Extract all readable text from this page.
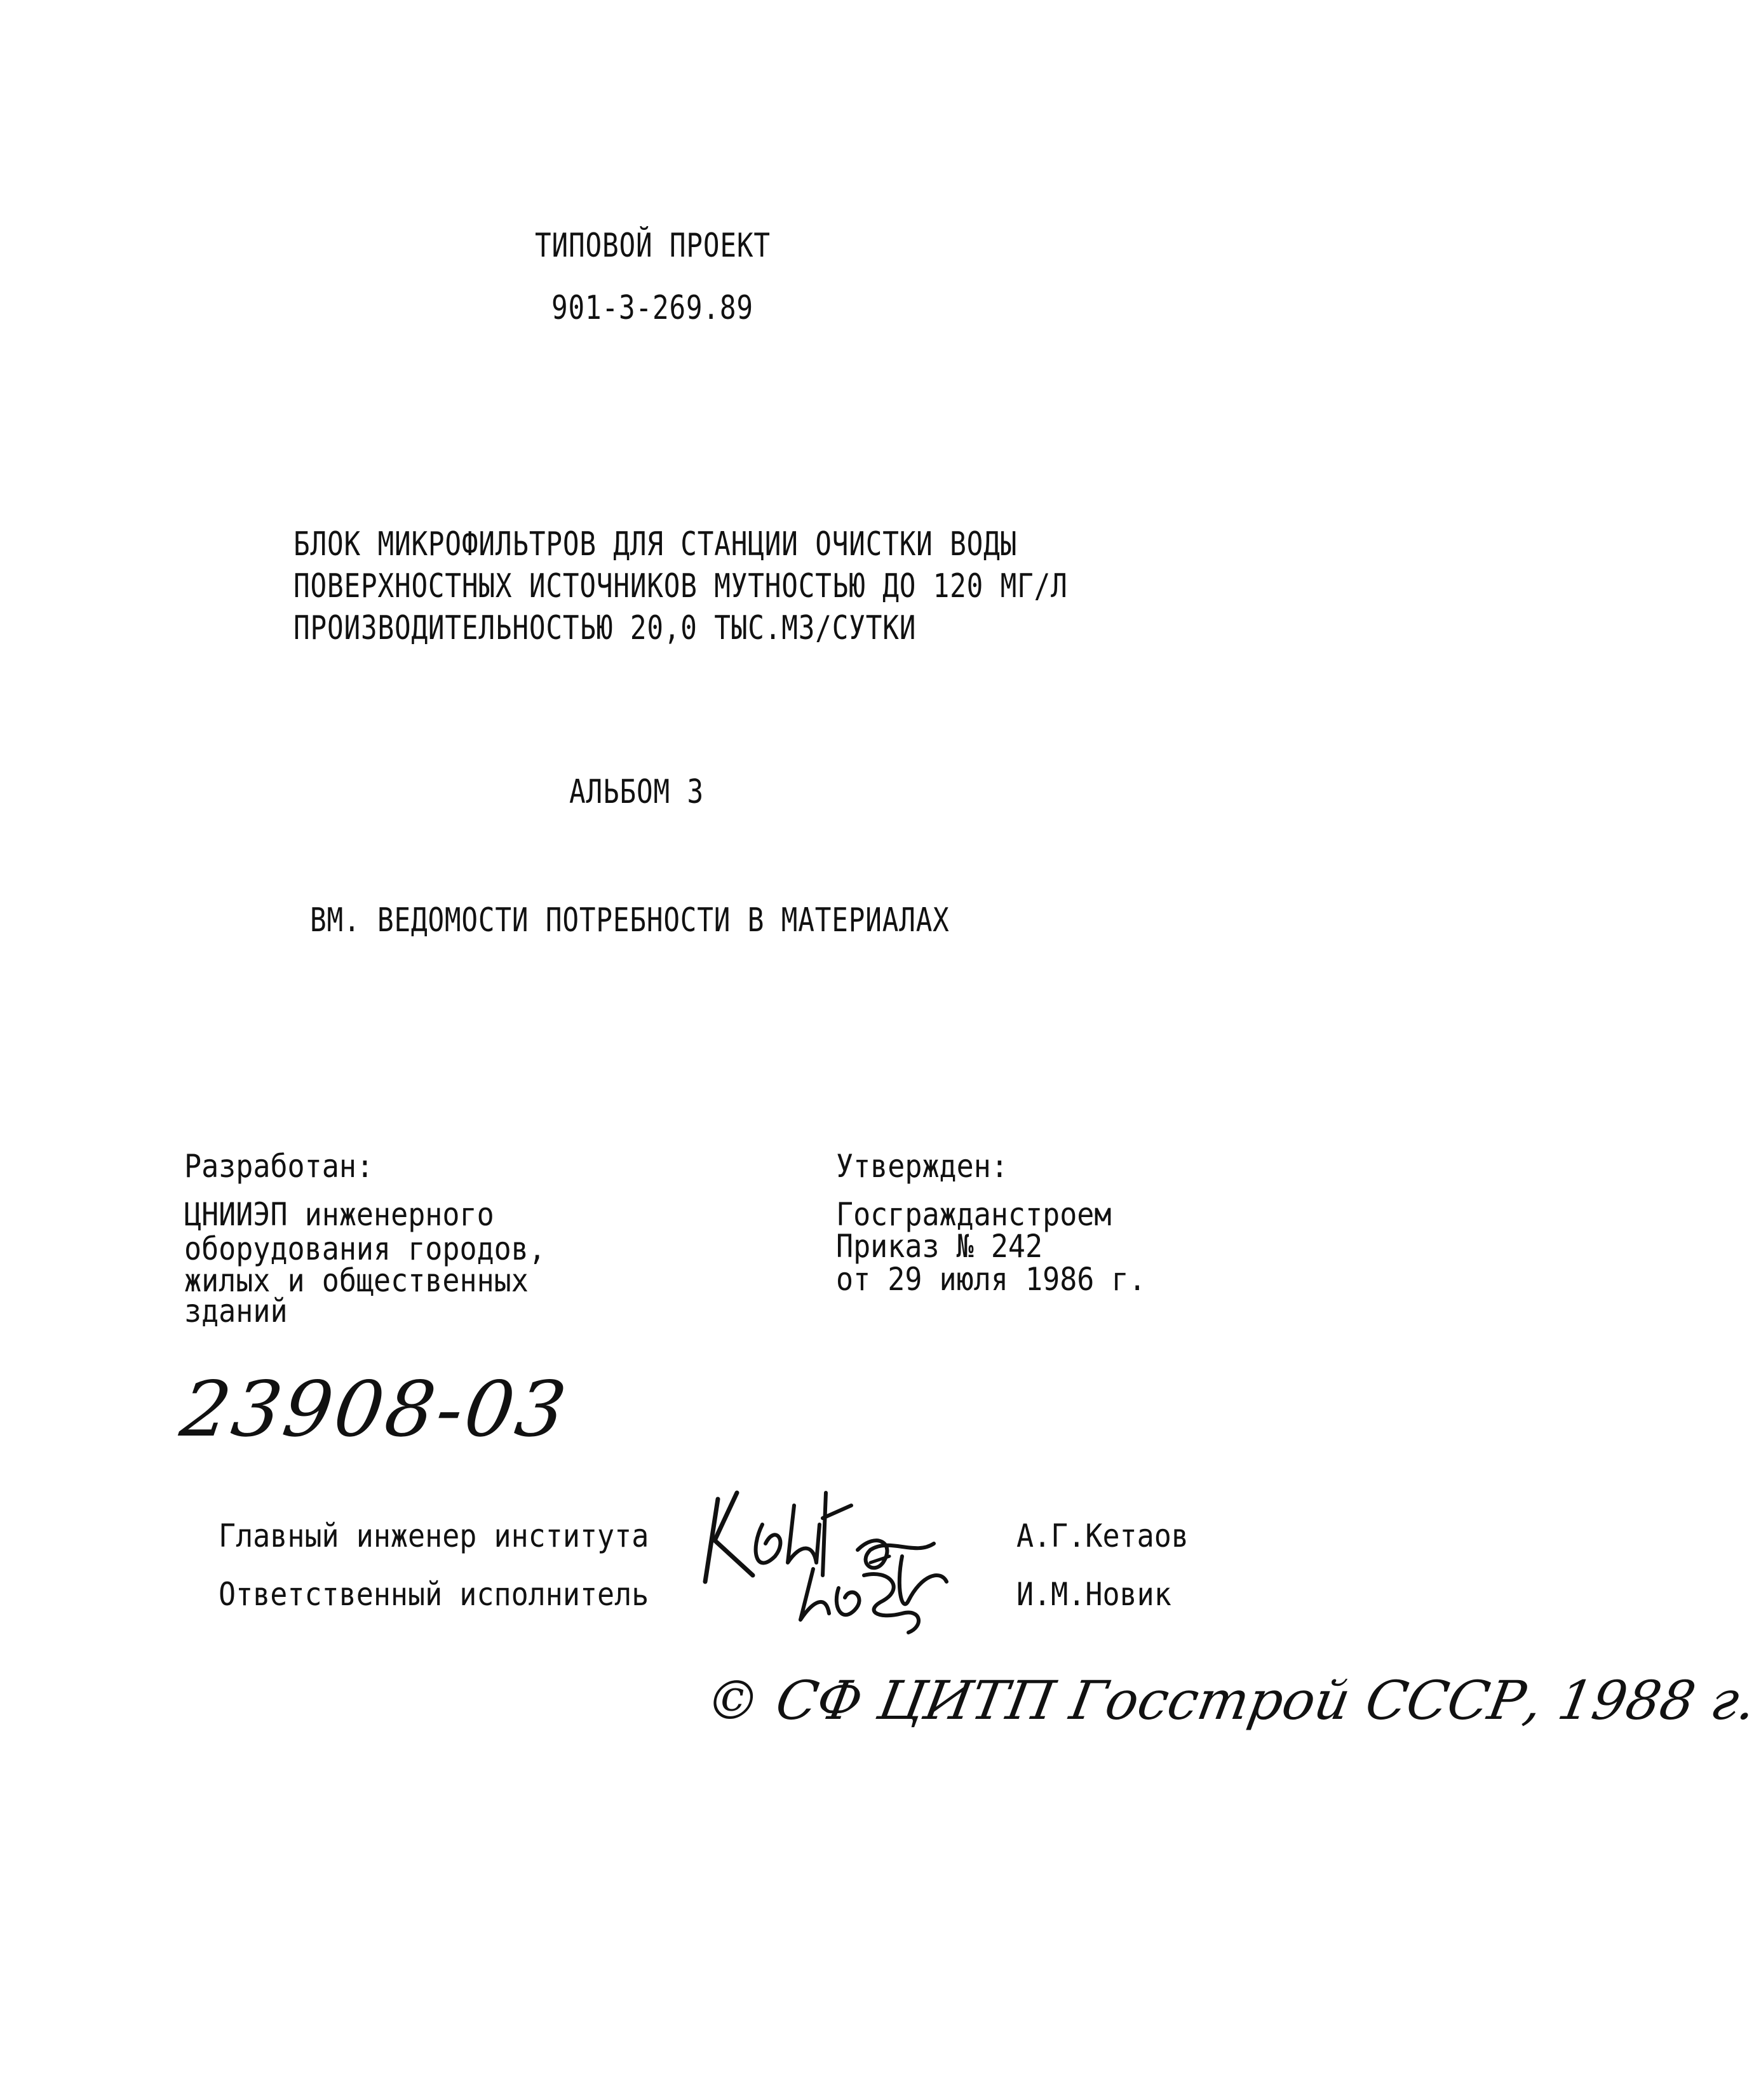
ТИПОВОЙ ПРОЕКТ
901-3-269.89
БЛОК МИКРОФИЛЬТРОВ ДЛЯ СТАНЦИИ ОЧИСТКИ ВОДЫ
ПОВЕРХНОСТНЫХ ИСТОЧНИКОВ МУТНОСТЬЮ ДО 120 МГ/Л
ПРОИЗВОДИТЕЛЬНОСТЬЮ 20,0 ТЫС.М3/СУТКИ
АЛЬБОМ 3
ВМ. ВЕДОМОСТИ ПОТРЕБНОСТИ В МАТЕРИАЛАХ
Разработан:
ЦНИИЭП инженерного
оборудования городов,
жилых и общественных
зданий
Утвержден:
Госгражданстроем
Приказ № 242
от 29 июля 1986 г.
23908-03
Главный инженер института	А.Г.Кетаов
Ответственный исполнитель	И.М.Новик
© СФ ЦИТП Госстрой СССР, 1988 г.
